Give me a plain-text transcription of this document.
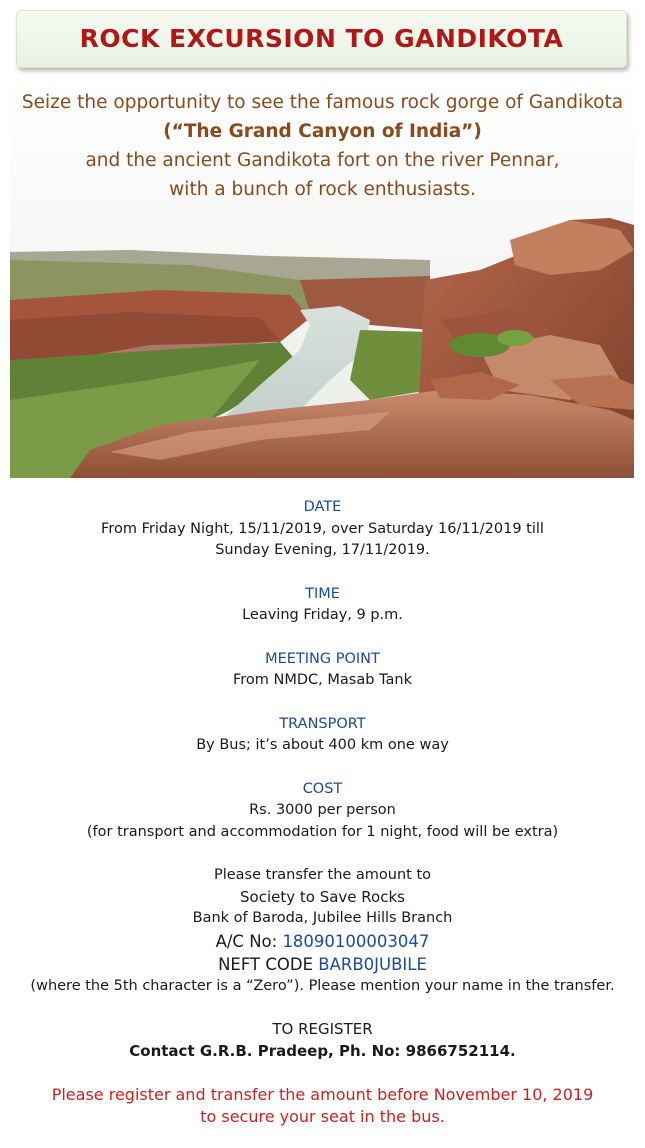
ROCK EXCURSION TO GANDIKOTA
Seize the opportunity to see the famous rock gorge of Gandikota
(“The Grand Canyon of India”)
and the ancient Gandikota fort on the river Pennar,
with a bunch of rock enthusiasts.

DATE

From Friday Night, 15/11/2019, over Saturday 16/11/2019 till

Sunday Evening, 17/11/2019.

TIME

Leaving Friday, 9 p.m.

MEETING POINT

From NMDC, Masab Tank

TRANSPORT

By Bus; it’s about 400 km one way

COST

Rs. 3000 per person

(for transport and accommodation for 1 night, food will be extra)

Please transfer the amount to

Society to Save Rocks

Bank of Baroda, Jubilee Hills Branch

A/C No: 18090100003047

NEFT CODE BARB0JUBILE

(where the 5th character is a “Zero”). Please mention your name in the transfer.

TO REGISTER

Contact G.R.B. Pradeep, Ph. No: 9866752114.

Please register and transfer the amount before November 10, 2019

to secure your seat in the bus.
